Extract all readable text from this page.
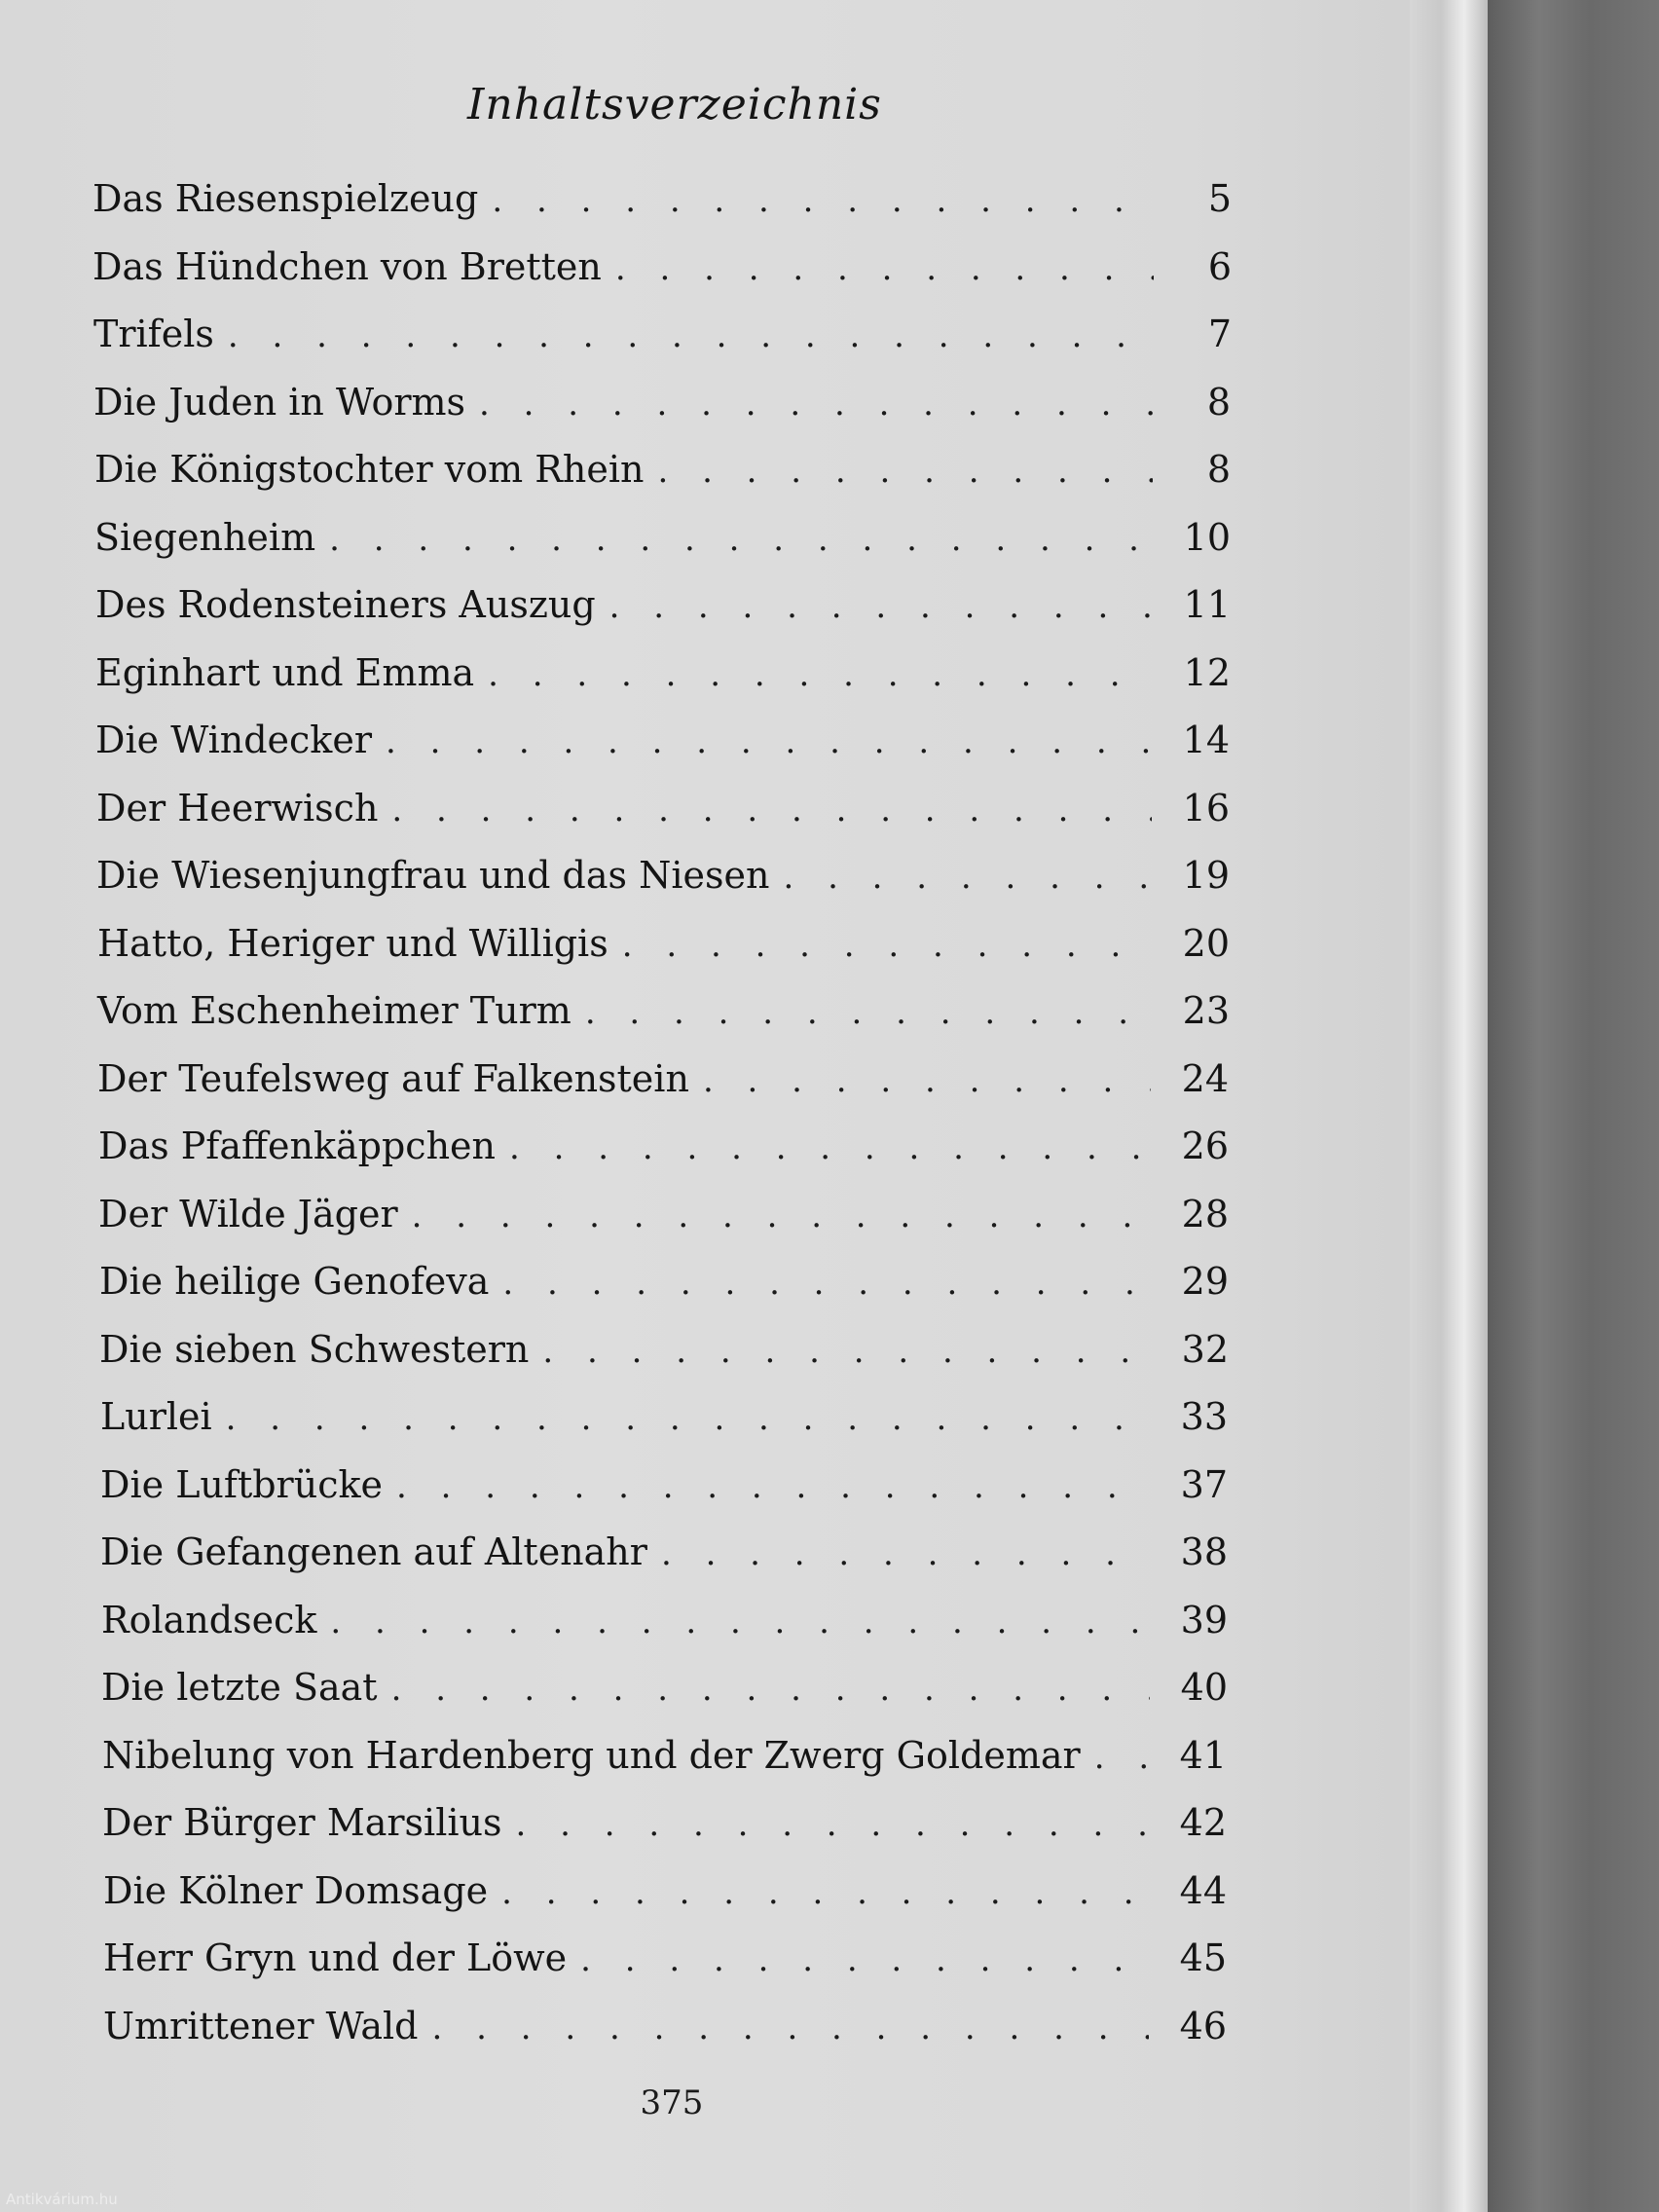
Inhaltsverzeichnis
Das Riesenspielzeug . . .	5
Das Hündchen von Bretten . . .	6
Trifels . . .	7
Die Juden in Worms . . .	8
Die Königstochter vom Rhein . . .	8
Siegenheim . . .	10
Des Rodensteiners Auszug . . .	11
Eginhart und Emma . . .	12
Die Windecker . . .	14
Der Heerwisch . . .	16
Die Wiesenjungfrau und das Niesen . . .	19
Hatto, Heriger und Willigis . . .	20
Vom Eschenheimer Turm . . .	23
Der Teufelsweg auf Falkenstein . . .	24
Das Pfaffenkäppchen . . .	26
Der Wilde Jäger . . .	28
Die heilige Genofeva . . .	29
Die sieben Schwestern . . .	32
Lurlei . . .	33
Die Luftbrücke . . .	37
Die Gefangenen auf Altenahr . . .	38
Rolandseck . . .	39
Die letzte Saat . . .	40
Nibelung von Hardenberg und der Zwerg Goldemar . . .	41
Der Bürger Marsilius . . .	42
Die Kölner Domsage . . .	44
Herr Gryn und der Löwe . . .	45
Umrittener Wald . . .	46
375
Antikvárium.hu
